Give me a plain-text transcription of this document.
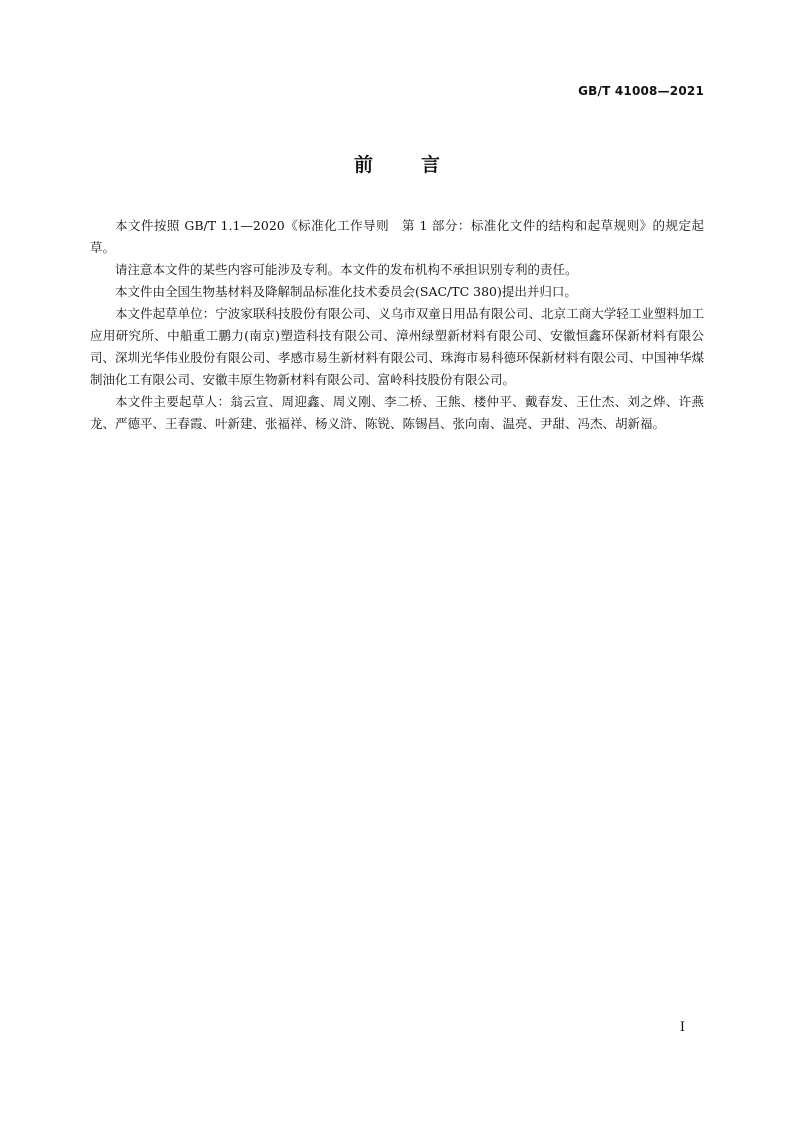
GB/T 41008—2021
前言

本文件按照 GB/T 1.1—2020《标准化工作导则　第 1 部分：标准化文件的结构和起草规则》的规定起草。

请注意本文件的某些内容可能涉及专利。本文件的发布机构不承担识别专利的责任。

本文件由全国生物基材料及降解制品标准化技术委员会(SAC/TC 380)提出并归口。

本文件起草单位：宁波家联科技股份有限公司、义乌市双童日用品有限公司、北京工商大学轻工业塑料加工应用研究所、中船重工鹏力(南京)塑造科技有限公司、漳州绿塑新材料有限公司、安徽恒鑫环保新材料有限公司、深圳光华伟业股份有限公司、孝感市易生新材料有限公司、珠海市易科德环保新材料有限公司、中国神华煤制油化工有限公司、安徽丰原生物新材料有限公司、富岭科技股份有限公司。

本文件主要起草人：翁云宣、周迎鑫、周义刚、李二桥、王熊、楼仲平、戴春发、王仕杰、刘之烨、许燕龙、严德平、王春霞、叶新建、张福祥、杨义浒、陈锐、陈锡昌、张向南、温亮、尹甜、冯杰、胡新福。

I
